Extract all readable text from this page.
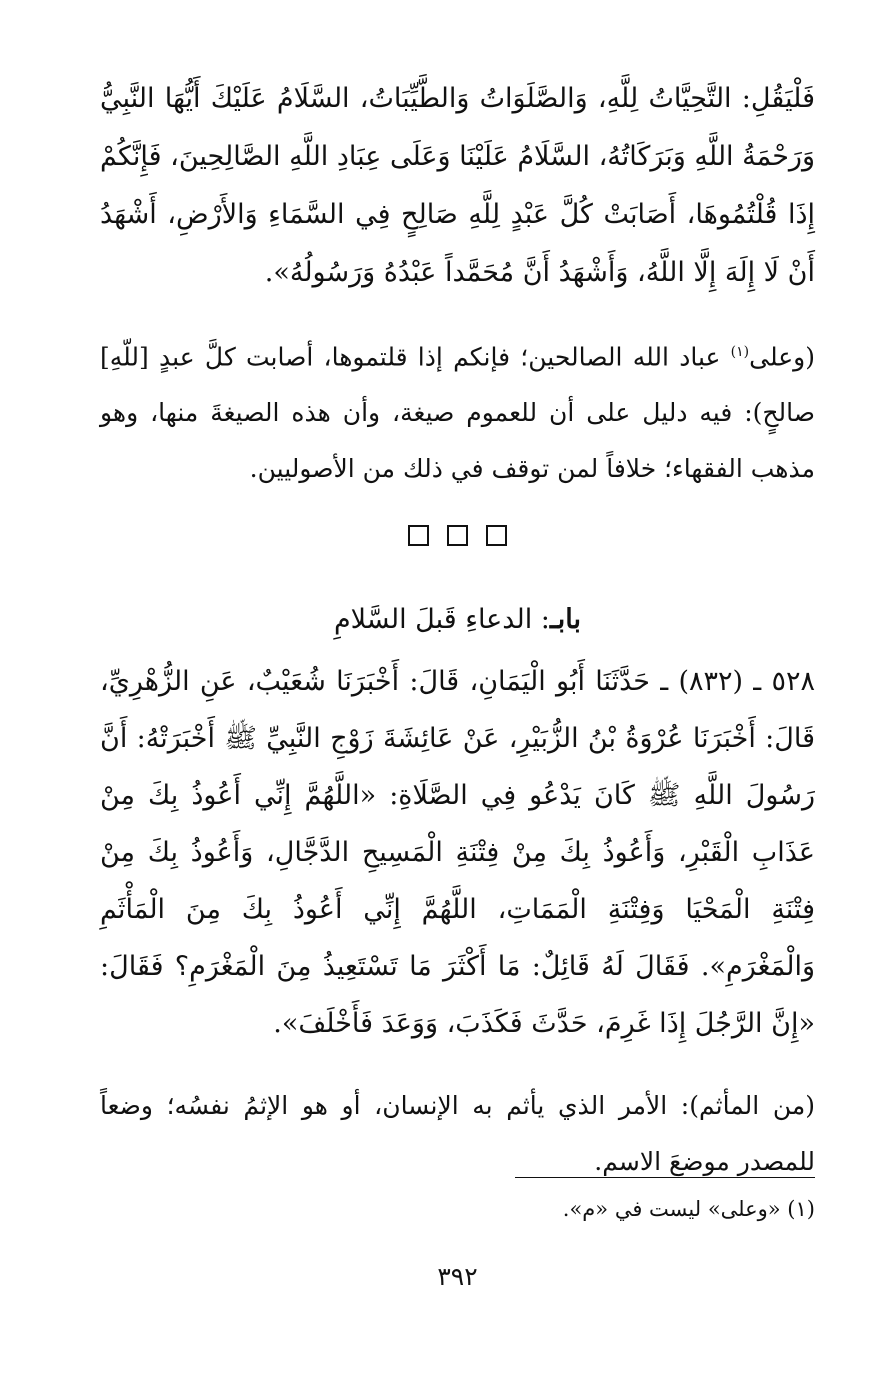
فَلْيَقُلِ: التَّحِيَّاتُ لِلَّهِ، وَالصَّلَوَاتُ وَالطَّيِّبَاتُ، السَّلَامُ عَلَيْكَ أَيُّهَا النَّبِيُّ وَرَحْمَةُ اللَّهِ وَبَرَكَاتُهُ، السَّلَامُ عَلَيْنَا وَعَلَى عِبَادِ اللَّهِ الصَّالِحِينَ، فَإِنَّكُمْ إِذَا قُلْتُمُوهَا، أَصَابَتْ كُلَّ عَبْدٍ لِلَّهِ صَالِحٍ فِي السَّمَاءِ وَالأَرْضِ، أَشْهَدُ أَنْ لَا إِلَهَ إِلَّا اللَّهُ، وَأَشْهَدُ أَنَّ مُحَمَّداً عَبْدُهُ وَرَسُولُهُ».

(وعلى$^{(١)}$ عباد الله الصالحين؛ فإنكم إذا قلتموها، أصابت كلَّ عبدٍ [للّهِ] صالحٍ): فيه دليل على أن للعموم صيغة، وأن هذه الصيغةَ منها، وهو مذهب الفقهاء؛ خلافاً لمن توقف في ذلك من الأصوليين.

بابـ: الدعاءِ قَبلَ السَّلامِ

٥٢٨ ـ (٨٣٢) ـ حَدَّثَنَا أَبُو الْيَمَانِ، قَالَ: أَخْبَرَنَا شُعَيْبٌ، عَنِ الزُّهْرِيِّ، قَالَ: أَخْبَرَنَا عُرْوَةُ بْنُ الزُّبَيْرِ، عَنْ عَائِشَةَ زَوْجِ النَّبِيِّ ﷺ أَخْبَرَتْهُ: أَنَّ رَسُولَ اللَّهِ ﷺ كَانَ يَدْعُو فِي الصَّلَاةِ: «اللَّهُمَّ إِنِّي أَعُوذُ بِكَ مِنْ عَذَابِ الْقَبْرِ، وَأَعُوذُ بِكَ مِنْ فِتْنَةِ الْمَسِيحِ الدَّجَّالِ، وَأَعُوذُ بِكَ مِنْ فِتْنَةِ الْمَحْيَا وَفِتْنَةِ الْمَمَاتِ، اللَّهُمَّ إِنِّي أَعُوذُ بِكَ مِنَ الْمَأْثَمِ وَالْمَغْرَمِ». فَقَالَ لَهُ قَائِلٌ: مَا أَكْثَرَ مَا تَسْتَعِيذُ مِنَ الْمَغْرَمِ؟ فَقَالَ: «إِنَّ الرَّجُلَ إِذَا غَرِمَ، حَدَّثَ فَكَذَبَ، وَوَعَدَ فَأَخْلَفَ».

(من المأثم): الأمر الذي يأثم به الإنسان، أو هو الإثمُ نفسُه؛ وضعاً للمصدر موضعَ الاسم.

(١) «وعلى» ليست في «م».
٣٩٢
